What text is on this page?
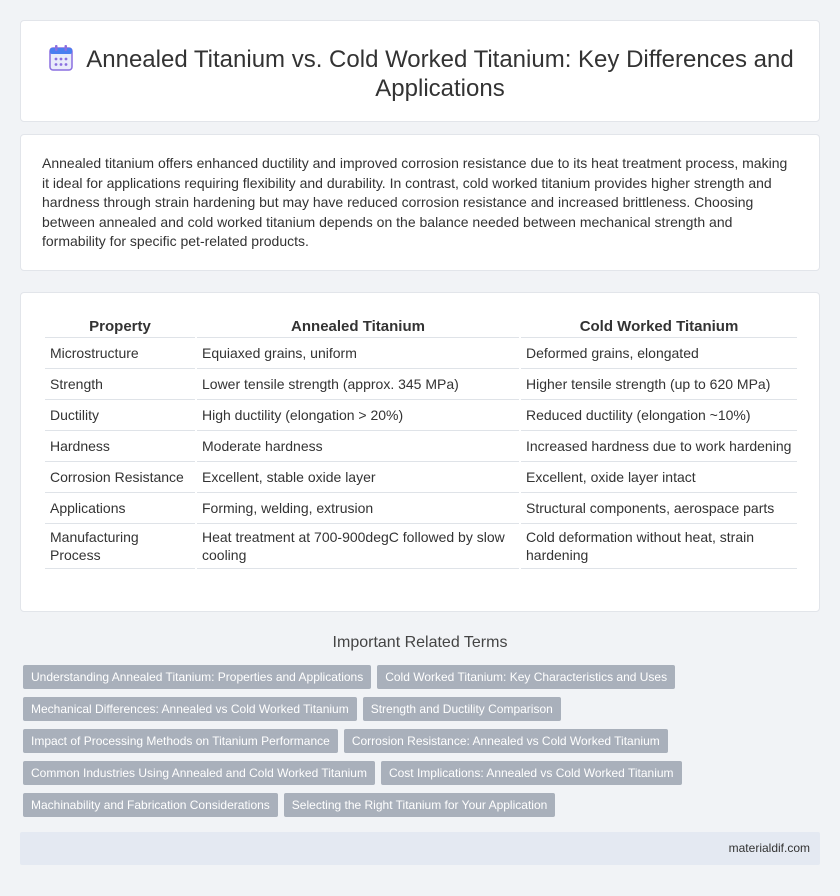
Annealed Titanium vs. Cold Worked Titanium: Key Differences and Applications

Annealed titanium offers enhanced ductility and improved corrosion resistance due to its heat treatment process, making it ideal for applications requiring flexibility and durability. In contrast, cold worked titanium provides higher strength and hardness through strain hardening but may have reduced corrosion resistance and increased brittleness. Choosing between annealed and cold worked titanium depends on the balance needed between mechanical strength and formability for specific pet-related products.

Property	Annealed Titanium	Cold Worked Titanium
Microstructure	Equiaxed grains, uniform	Deformed grains, elongated
Strength	Lower tensile strength (approx. 345 MPa)	Higher tensile strength (up to 620 MPa)
Ductility	High ductility (elongation > 20%)	Reduced ductility (elongation ~10%)
Hardness	Moderate hardness	Increased hardness due to work hardening
Corrosion Resistance	Excellent, stable oxide layer	Excellent, oxide layer intact
Applications	Forming, welding, extrusion	Structural components, aerospace parts
Manufacturing Process	Heat treatment at 700-900degC followed by slow cooling	Cold deformation without heat, strain hardening
Important Related Terms
Understanding Annealed Titanium: Properties and Applications Cold Worked Titanium: Key Characteristics and Uses
Mechanical Differences: Annealed vs Cold Worked Titanium Strength and Ductility Comparison
Impact of Processing Methods on Titanium Performance Corrosion Resistance: Annealed vs Cold Worked Titanium
Common Industries Using Annealed and Cold Worked Titanium Cost Implications: Annealed vs Cold Worked Titanium
Machinability and Fabrication Considerations Selecting the Right Titanium for Your Application
materialdif.com
